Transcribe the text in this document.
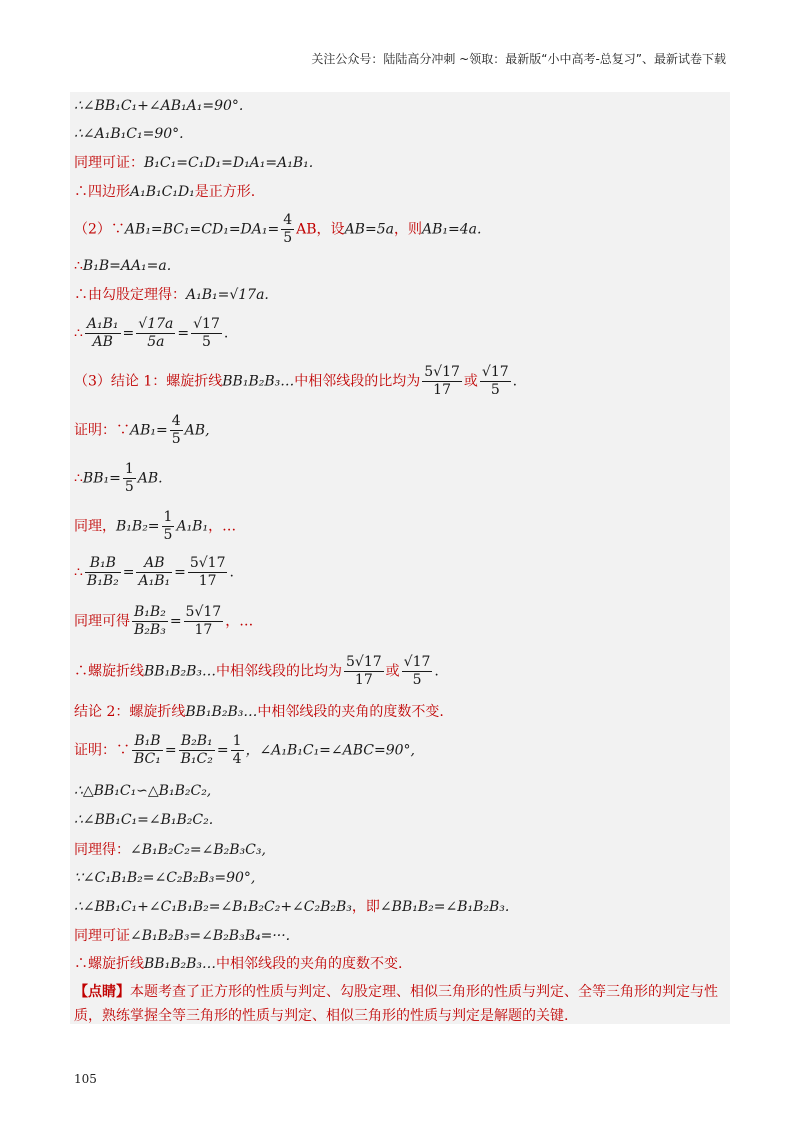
关注公众号：陆陆高分冲刺 ~领取：最新版“小中高考-总复习”、最新试卷下载
∴∠BB₁C₁+∠AB₁A₁=90°.
∴∠A₁B₁C₁=90°.
同理可证：B₁C₁=C₁D₁=D₁A₁=A₁B₁.
∴四边形A₁B₁C₁D₁是正方形.
（2）∵AB₁=BC₁=CD₁=DA₁= $\frac{4}{5}$ AB，设AB=5a，则AB₁=4a.
∴B₁B=AA₁=a.
∴由勾股定理得：A₁B₁=√17a.
∴ $\frac{\text{A₁B₁}}{AB} = \frac{√17a}{5a} = \frac{√17}{5}$ .
（3）结论 1：螺旋折线BB₁B₂B₃…中相邻线段的比均为 $\frac{5√17}{17}$ 或 $\frac{√17}{5}$ .
证明：∵AB₁= $\frac{4}{5}$ AB,
∴BB₁= $\frac{1}{5}$ AB.
同理，$B_1B_2= \frac{1}{5} A_1B_1$，…
∴ $\frac{\text{B₁B}}{\text{B₁B₂}} = \frac{AB}{\text{A₁B₁}} = \frac{5√17}{17}$ .
同理可得 $\frac{\text{B₁B₂}}{\text{B₂B₃}} = \frac{5√17}{17}$ ，…
∴螺旋折线BB₁B₂B₃…中相邻线段的比均为 $\frac{5√17}{17}$ 或 $\frac{√17}{5}$ .
结论 2：螺旋折线BB₁B₂B₃…中相邻线段的夹角的度数不变.
证明：∵ $\frac{\text{B₁B}}{\text{BC₁}} = \frac{\text{B₂B₁}}{\text{B₁C₂}} = \frac{1}{4}$ ，∠A₁B₁C₁=∠ABC=90°,
∴△BB₁C₁∽△B₁B₂C₂,
∴∠BB₁C₁=∠B₁B₂C₂.
同理得：∠B₁B₂C₂=∠B₂B₃C₃,
∵∠C₁B₁B₂=∠C₂B₂B₃=90°,
∴∠BB₁C₁+∠C₁B₁B₂=∠B₁B₂C₂+∠C₂B₂B₃，即∠BB₁B₂=∠B₁B₂B₃.
同理可证∠B₁B₂B₃=∠B₂B₃B₄=···.
∴螺旋折线BB₁B₂B₃…中相邻线段的夹角的度数不变.
【点睛】本题考查了正方形的性质与判定、勾股定理、相似三角形的性质与判定、全等三角形的判定与性质，熟练掌握全等三角形的性质与判定、相似三角形的性质与判定是解题的关键.
105
